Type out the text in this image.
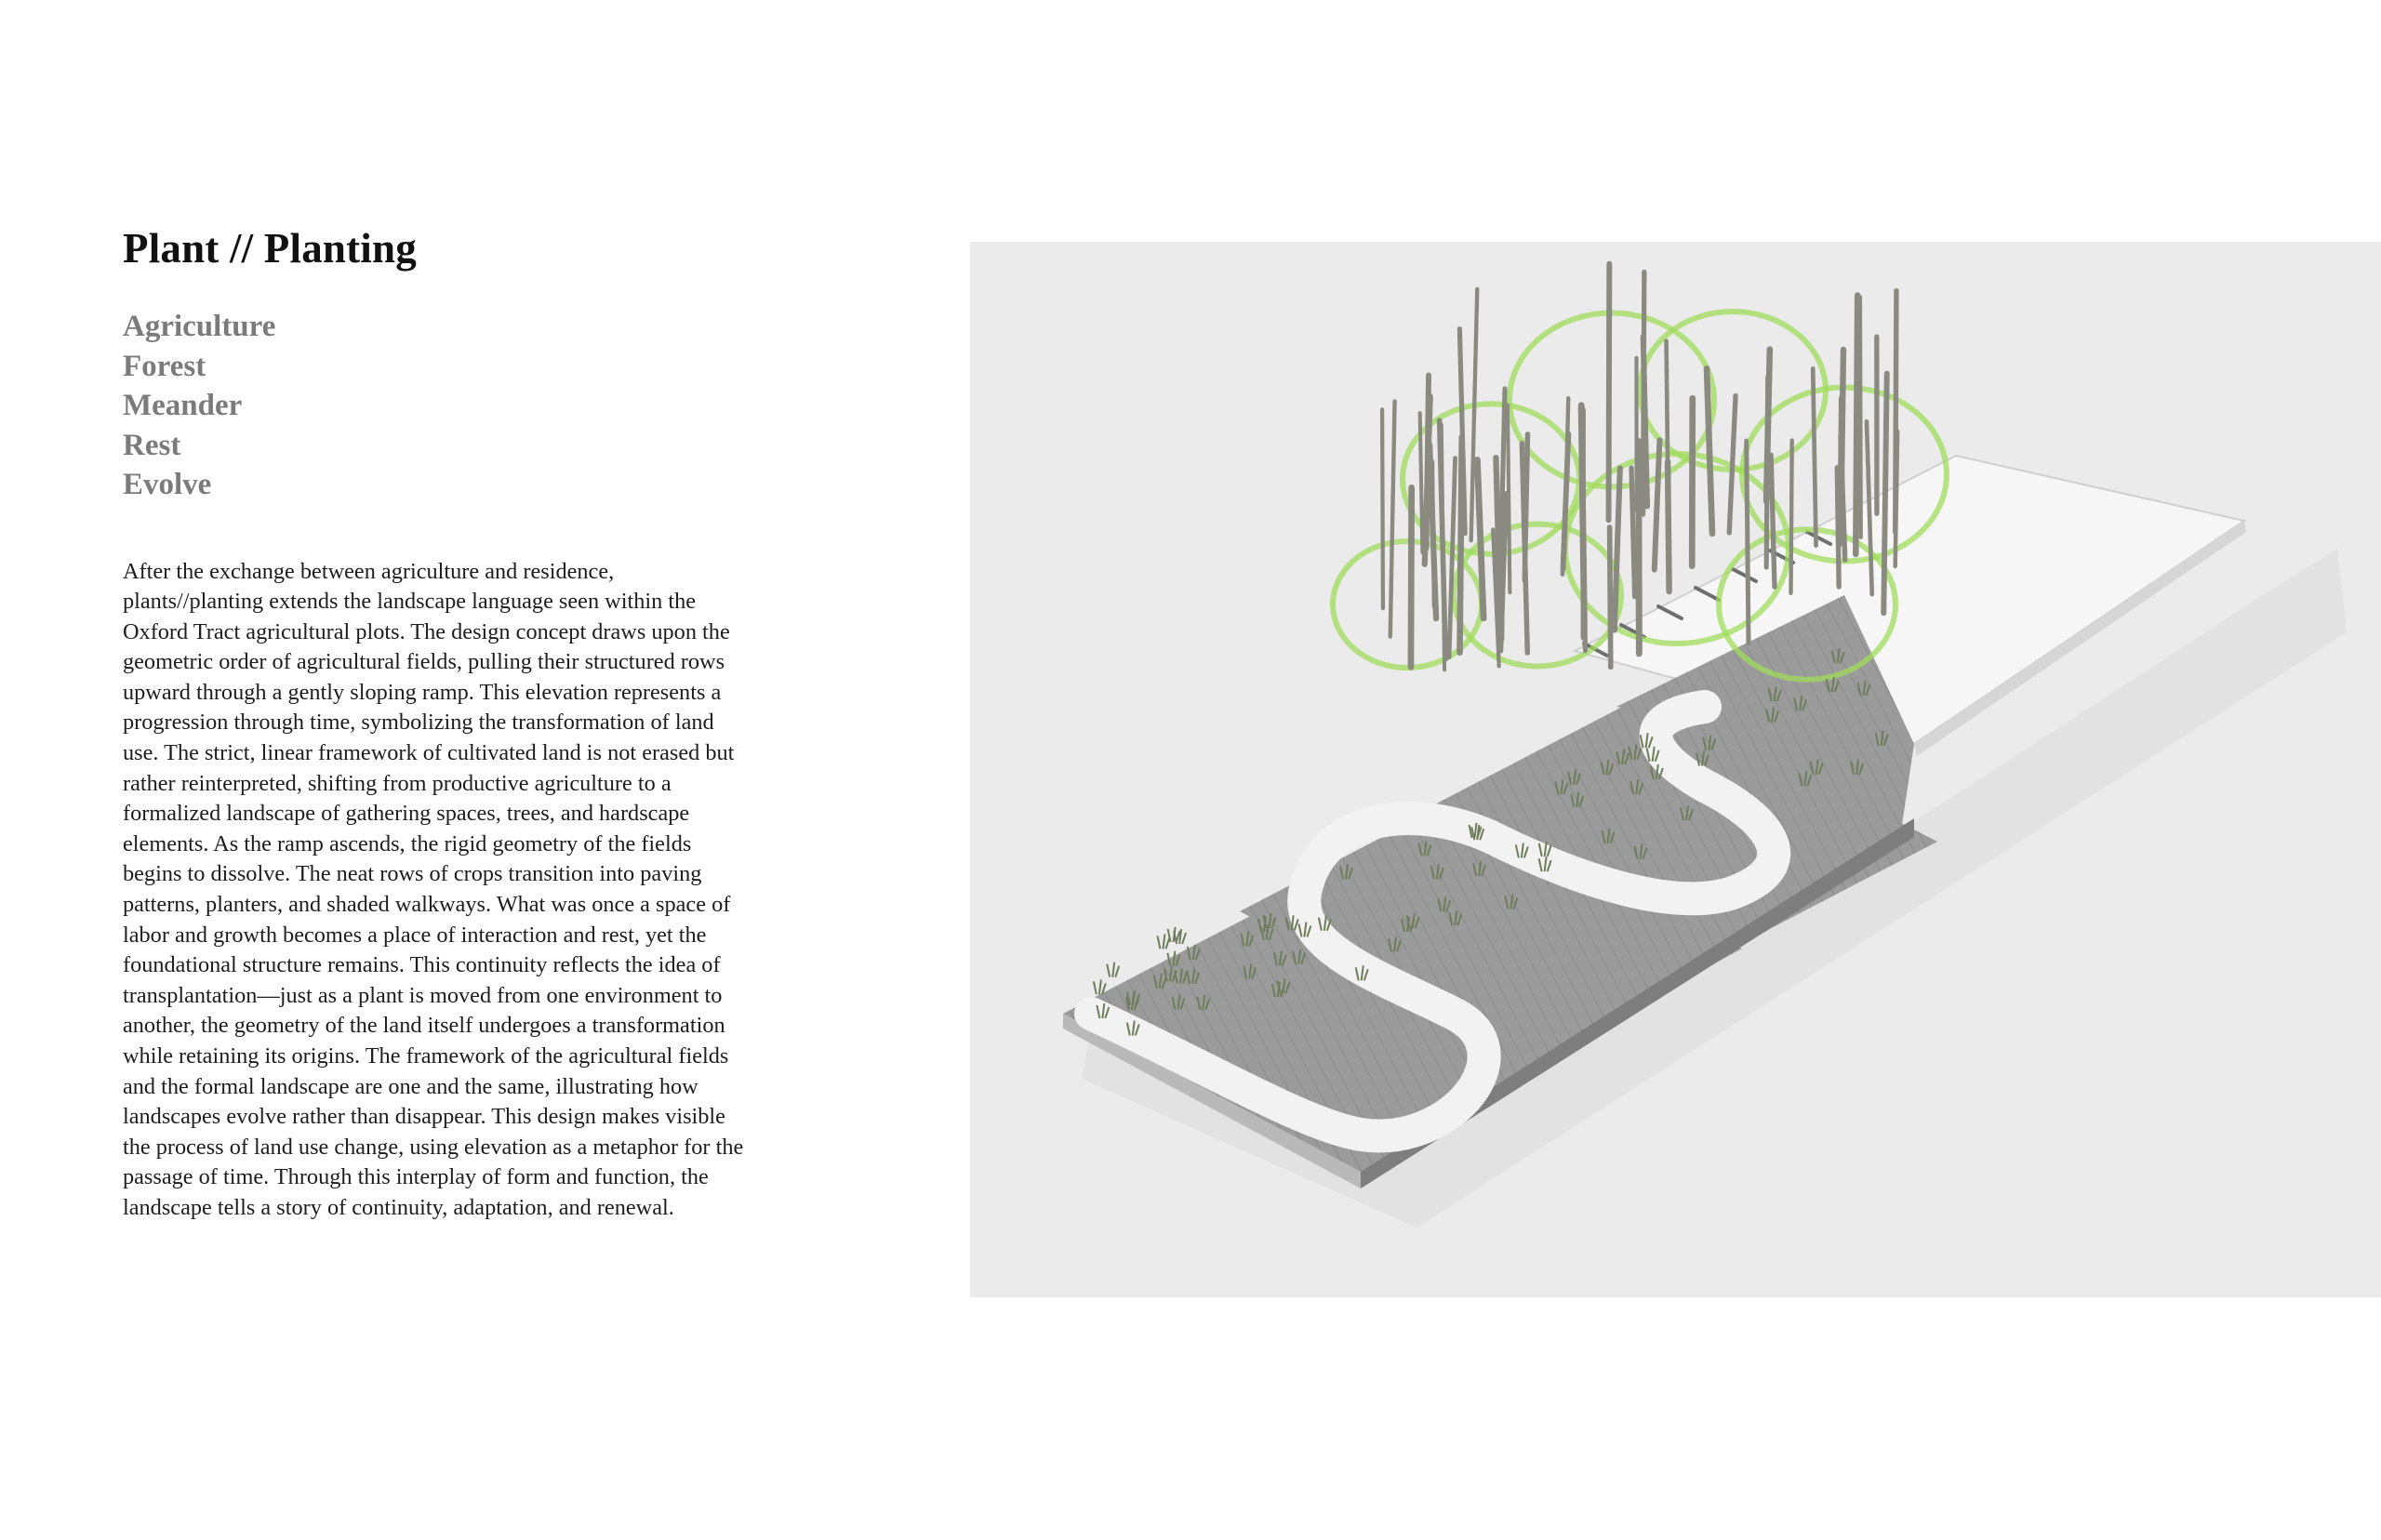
Plant // Planting
Agriculture
Forest
Meander
Rest
Evolve

After the exchange between agriculture and residence, plants//planting extends the landscape language seen within the Oxford Tract agricultural plots. The design concept draws upon the geometric order of agricultural fields, pulling their structured rows upward through a gently sloping ramp. This elevation represents a progression through time, symbolizing the transformation of land use. The strict, linear framework of cultivated land is not erased but rather reinterpreted, shifting from productive agriculture to a formalized landscape of gathering spaces, trees, and hardscape elements. As the ramp ascends, the rigid geometry of the fields begins to dissolve. The neat rows of crops transition into paving patterns, planters, and shaded walkways. What was once a space of labor and growth becomes a place of interaction and rest, yet the foundational structure remains. This continuity reflects the idea of transplantation—just as a plant is moved from one environment to another, the geometry of the land itself undergoes a transformation while retaining its origins. The framework of the agricultural fields and the formal landscape are one and the same, illustrating how landscapes evolve rather than disappear. This design makes visible the process of land use change, using elevation as a metaphor for the passage of time. Through this interplay of form and function, the landscape tells a story of continuity, adaptation, and renewal.
